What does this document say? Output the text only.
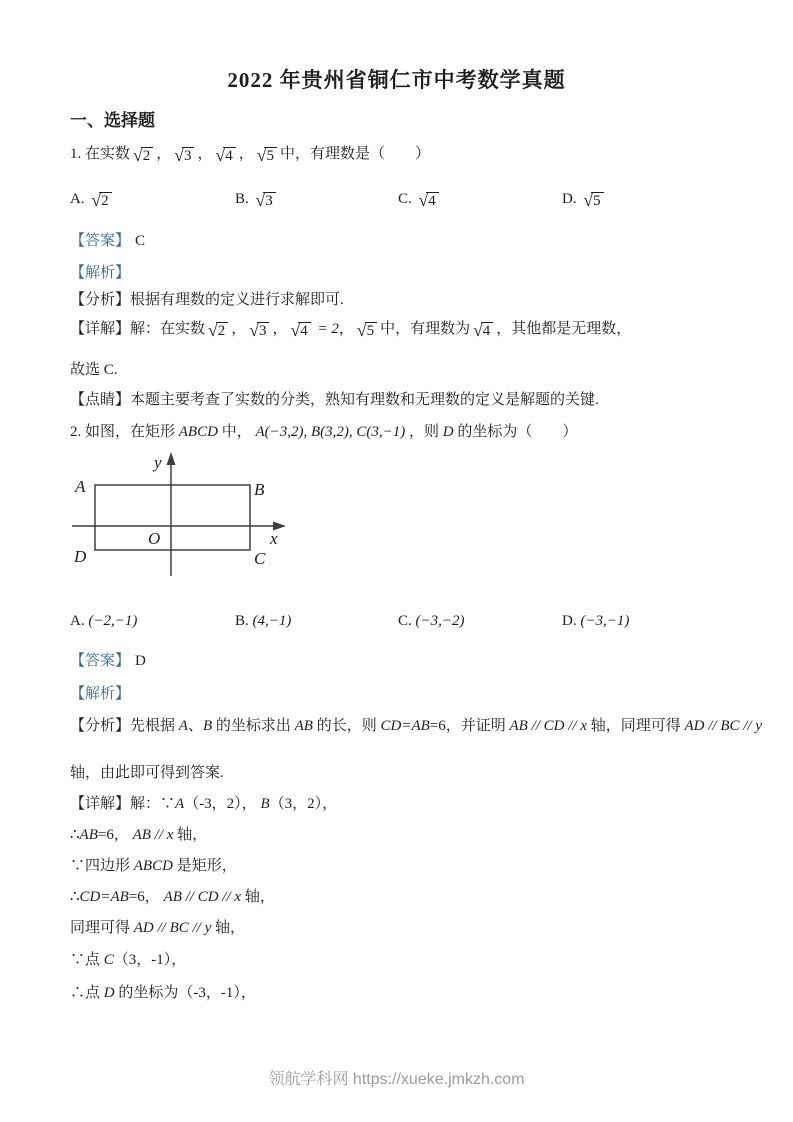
2022 年贵州省铜仁市中考数学真题
一、选择题
1. 在实数 √ 2 ， √ 3 ， √ 4 ， √ 5 中，有理数是（　　）
A. √ 2	B. √ 3	C. √ 4	D. √ 5
【答案】 C
【解析】
【分析】根据有理数的定义进行求解即可.
【详解】解：在实数 √ 2 ， √ 3 ， √ 4 = 2， √ 5 中，有理数为 √ 4 ，其他都是无理数，
故选 C.
【点睛】本题主要考查了实数的分类，熟知有理数和无理数的定义是解题的关键.
2. 如图，在矩形 ABCD 中， A(−3,2), B(3,2), C(3,−1) ，则 D 的坐标为（　　）
A	B
D	C
O	x
y
A. (−2,−1)	B. (4,−1)	C. (−3,−2)	D. (−3,−1)
【答案】 D
【解析】
【分析】先根据 A、B 的坐标求出 AB 的长，则 CD=AB=6，并证明 AB // CD // x 轴，同理可得 AD // BC // y
轴，由此即可得到答案.
【详解】解：∵A（-3，2）， B（3，2），
∴AB=6， AB // x 轴，
∵四边形 ABCD 是矩形，
∴CD=AB=6， AB // CD // x 轴，
同理可得 AD // BC // y 轴，
∵点 C（3，-1），
∴点 D 的坐标为（-3，-1），
领航学科网 https://xueke.jmkzh.com
